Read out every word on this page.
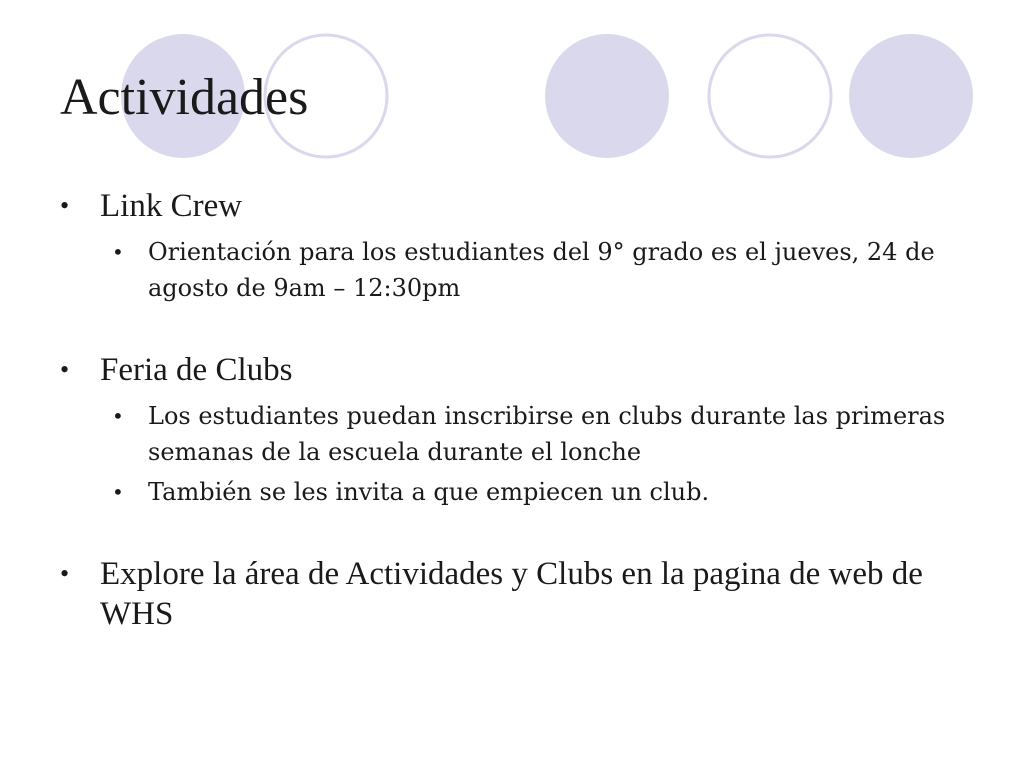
Actividades

• Link Crew

• Orientación para los estudiantes del 9° grado es el jueves, 24 de agosto de 9am – 12:30pm

• Feria de Clubs

• Los estudiantes puedan inscribirse en clubs durante las primeras semanas de la escuela durante el lonche

• También se les invita a que empiecen un club.

• Explore la área de Actividades y Clubs en la pagina de web de WHS
